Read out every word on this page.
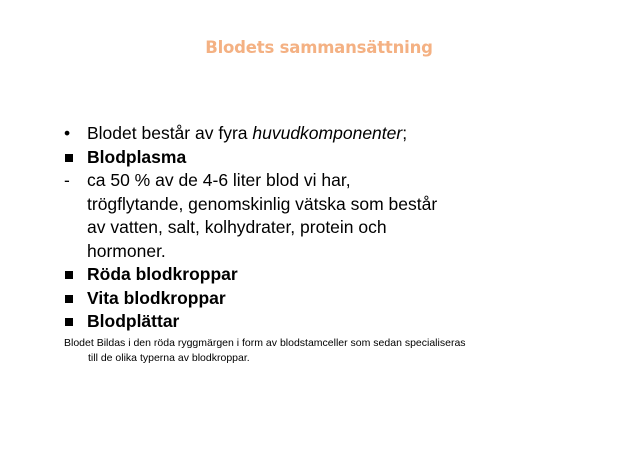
Blodets sammansättning
• Blodet består av fyra huvudkomponenter;
Blodplasma
- ca 50 % av de 4-6 liter blod vi har, trögflytande, genomskinlig vätska som består av vatten, salt, kolhydrater, protein och hormoner.
Röda blodkroppar
Vita blodkroppar
Blodplättar
Blodet Bildas i den röda ryggmärgen i form av blodstamceller som sedan specialiseras till de olika typerna av blodkroppar.
